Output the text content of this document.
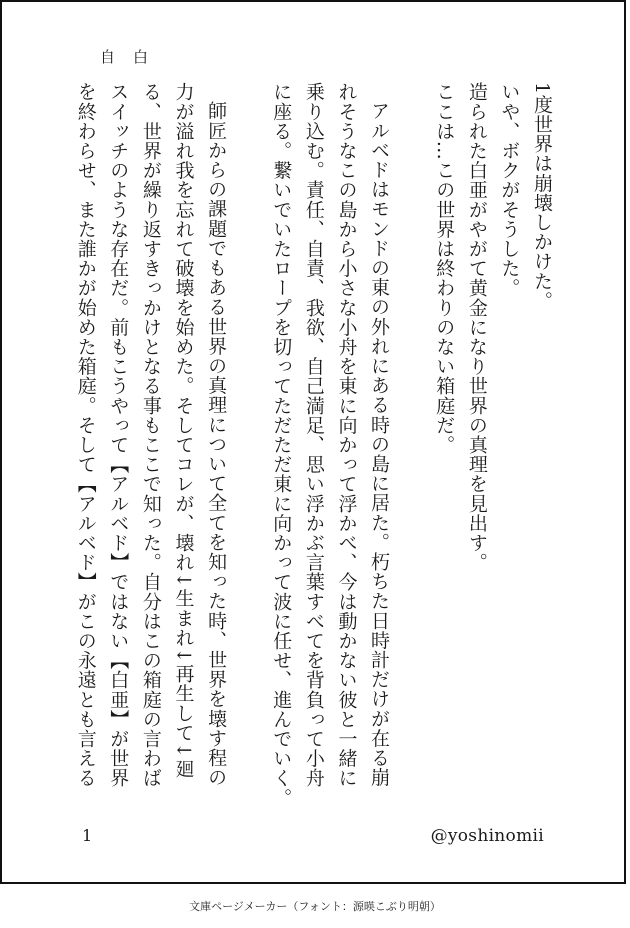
自白
1度世界は崩壊しかけた。
いや、ボクがそうした。
造られた白亜がやがて黄金になり世界の真理を見出す。
ここは…この世界は終わりのない箱庭だ。
アルベドはモンドの東の外れにある時の島に居た。朽ちた日時計だけが在る崩
れそうなこの島から小さな小舟を東に向かって浮かべ、今は動かない彼と一緒に
乗り込む。責任、自責、我欲、自己満足、思い浮かぶ言葉すべてを背負って小舟
に座る。繋いでいたロープを切ってただただ東に向かって波に任せ、進んでいく。
師匠からの課題でもある世界の真理について全てを知った時、世界を壊す程の
力が溢れ我を忘れて破壊を始めた。そしてコレが、壊れ↓生まれ↓再生して↓廻
る、世界が繰り返すきっかけとなる事もここで知った。自分はこの箱庭の言わば
スイッチのような存在だ。前もこうやって【アルベド】ではない【白亜】が世界
を終わらせ、また誰かが始めた箱庭。そして【アルベド】がこの永遠とも言える
1	@yoshinomii
文庫ページメーカー（フォント：源暎こぶり明朝）
